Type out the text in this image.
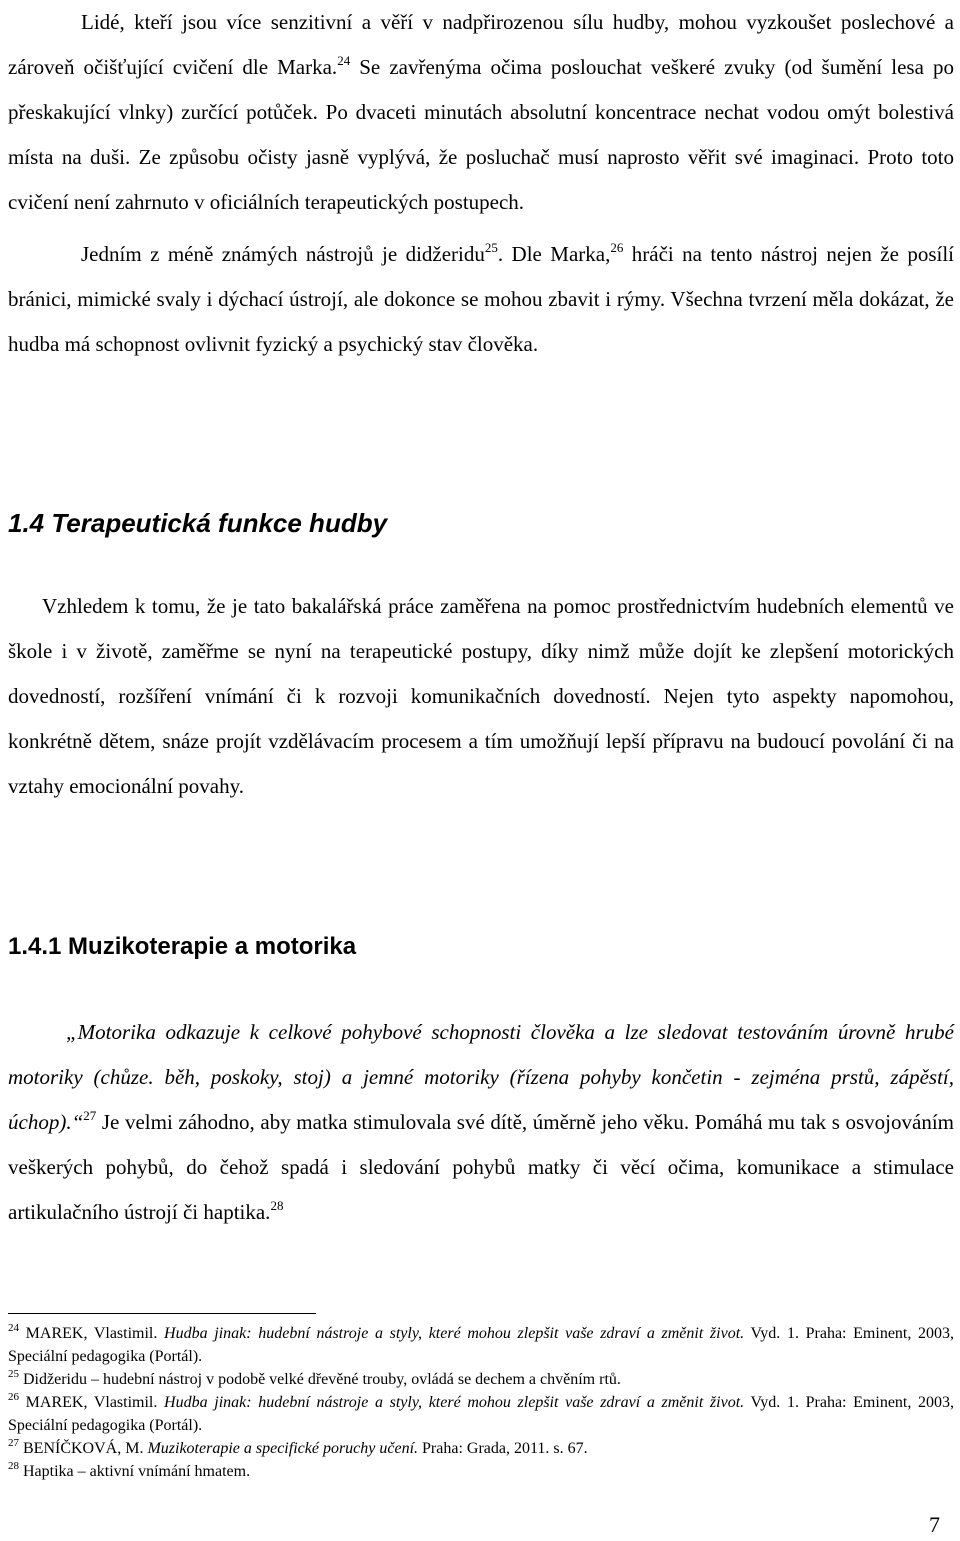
Lidé, kteří jsou více senzitivní a věří v nadpřirozenou sílu hudby, mohou vyzkoušet poslechové a zároveň očišťující cvičení dle Marka.$^{24}$ Se zavřenýma očima poslouchat veškeré zvuky (od šumění lesa po přeskakující vlnky) zurčící potůček. Po dvaceti minutách absolutní koncentrace nechat vodou omýt bolestivá místa na duši. Ze způsobu očisty jasně vyplývá, že posluchač musí naprosto věřit své imaginaci. Proto toto cvičení není zahrnuto v oficiálních terapeutických postupech.

Jedním z méně známých nástrojů je didžeridu$^{25}$. Dle Marka,$^{26}$ hráči na tento nástroj nejen že posílí bránici, mimické svaly i dýchací ústrojí, ale dokonce se mohou zbavit i rýmy. Všechna tvrzení měla dokázat, že hudba má schopnost ovlivnit fyzický a psychický stav člověka.

1.4 Terapeutická funkce hudby

Vzhledem k tomu, že je tato bakalářská práce zaměřena na pomoc prostřednictvím hudebních elementů ve škole i v životě, zaměřme se nyní na terapeutické postupy, díky nimž může dojít ke zlepšení motorických dovedností, rozšíření vnímání či k rozvoji komunikačních dovedností. Nejen tyto aspekty napomohou, konkrétně dětem, snáze projít vzdělávacím procesem a tím umožňují lepší přípravu na budoucí povolání či na vztahy emocionální povahy.

1.4.1 Muzikoterapie a motorika

„Motorika odkazuje k celkové pohybové schopnosti člověka a lze sledovat testováním úrovně hrubé motoriky (chůze. běh, poskoky, stoj) a jemné motoriky (řízena pohyby končetin - zejména prstů, zápěstí, úchop).“$^{27}$ Je velmi záhodno, aby matka stimulovala své dítě, úměrně jeho věku. Pomáhá mu tak s osvojováním veškerých pohybů, do čehož spadá i sledování pohybů matky či věcí očima, komunikace a stimulace artikulačního ústrojí či haptika.$^{28}$

$^{24}$ MAREK, Vlastimil. Hudba jinak: hudební nástroje a styly, které mohou zlepšit vaše zdraví a změnit život. Vyd. 1. Praha: Eminent, 2003, Speciální pedagogika (Portál).

$^{25}$ Didžeridu – hudební nástroj v podobě velké dřevěné trouby, ovládá se dechem a chvěním rtů.

$^{26}$ MAREK, Vlastimil. Hudba jinak: hudební nástroje a styly, které mohou zlepšit vaše zdraví a změnit život. Vyd. 1. Praha: Eminent, 2003, Speciální pedagogika (Portál).

$^{27}$ BENÍČKOVÁ, M. Muzikoterapie a specifické poruchy učení. Praha: Grada, 2011. s. 67.

$^{28}$ Haptika – aktivní vnímání hmatem.

7
